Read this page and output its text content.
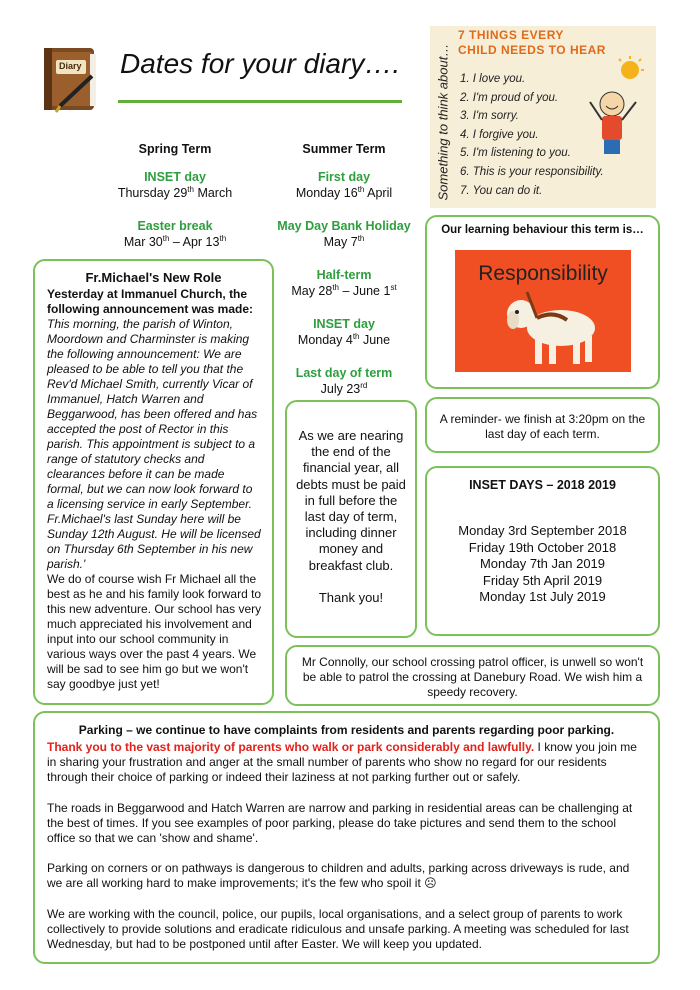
Diary Dates for your diary….	Something to think about…
7 THINGS EVERY
CHILD NEEDS TO HEAR
1. I love you.
2. I'm proud of you.
3. I'm sorry.
4. I forgive you.
5. I'm listening to you.
6. This is your responsibility.
7. You can do it.
Spring Term
INSET day
Thursday 29th March
Easter break
Mar 30th – Apr 13th
Summer Term
First day
Monday 16th April
May Day Bank Holiday
May 7th
Half-term
May 28th – June 1st
INSET day
Monday 4th June
Last day of term
July 23rd
Our learning behaviour this term is…
Responsibility
A reminder- we finish at 3:20pm on the last day of each term.
INSET DAYS – 2018 2019
Monday 3rd September 2018
Friday 19th October 2018
Monday 7th Jan 2019
Friday 5th April 2019
Monday 1st July 2019
As we are nearing the end of the financial year, all debts must be paid in full before the last day of term, including dinner money and breakfast club.
Thank you!
Mr Connolly, our school crossing patrol officer, is unwell so won't be able to patrol the crossing at Danebury Road. We wish him a speedy recovery.
Fr.Michael's New Role

Yesterday at Immanuel Church, the following announcement was made:

This morning, the parish of Winton, Moordown and Charminster is making the following announcement: We are pleased to be able to tell you that the Rev'd Michael Smith, currently Vicar of Immanuel, Hatch Warren and Beggarwood, has been offered and has accepted the post of Rector in this parish. This appointment is subject to a range of statutory checks and clearances before it can be made formal, but we can now look forward to a licensing service in early September. Fr.Michael's last Sunday here will be Sunday 12th August. He will be licensed on Thursday 6th September in his new parish.'

We do of course wish Fr Michael all the best as he and his family look forward to this new adventure. Our school has very much appreciated his involvement and input into our school community in various ways over the past 4 years. We will be sad to see him go but we won't say goodbye just yet!

Parking – we continue to have complaints from residents and parents regarding poor parking.

Thank you to the vast majority of parents who walk or park considerably and lawfully. I know you join me in sharing your frustration and anger at the small number of parents who show no regard for our residents through their choice of parking or indeed their laziness at not parking further out or safely.

The roads in Beggarwood and Hatch Warren are narrow and parking in residential areas can be challenging at the best of times. If you see examples of poor parking, please do take pictures and send them to the school office so that we can 'show and shame'.

Parking on corners or on pathways is dangerous to children and adults, parking across driveways is rude, and we are all working hard to make improvements; it's the few who spoil it ☹

We are working with the council, police, our pupils, local organisations, and a select group of parents to work collectively to provide solutions and eradicate ridiculous and unsafe parking. A meeting was scheduled for last Wednesday, but had to be postponed until after Easter. We will keep you updated.
